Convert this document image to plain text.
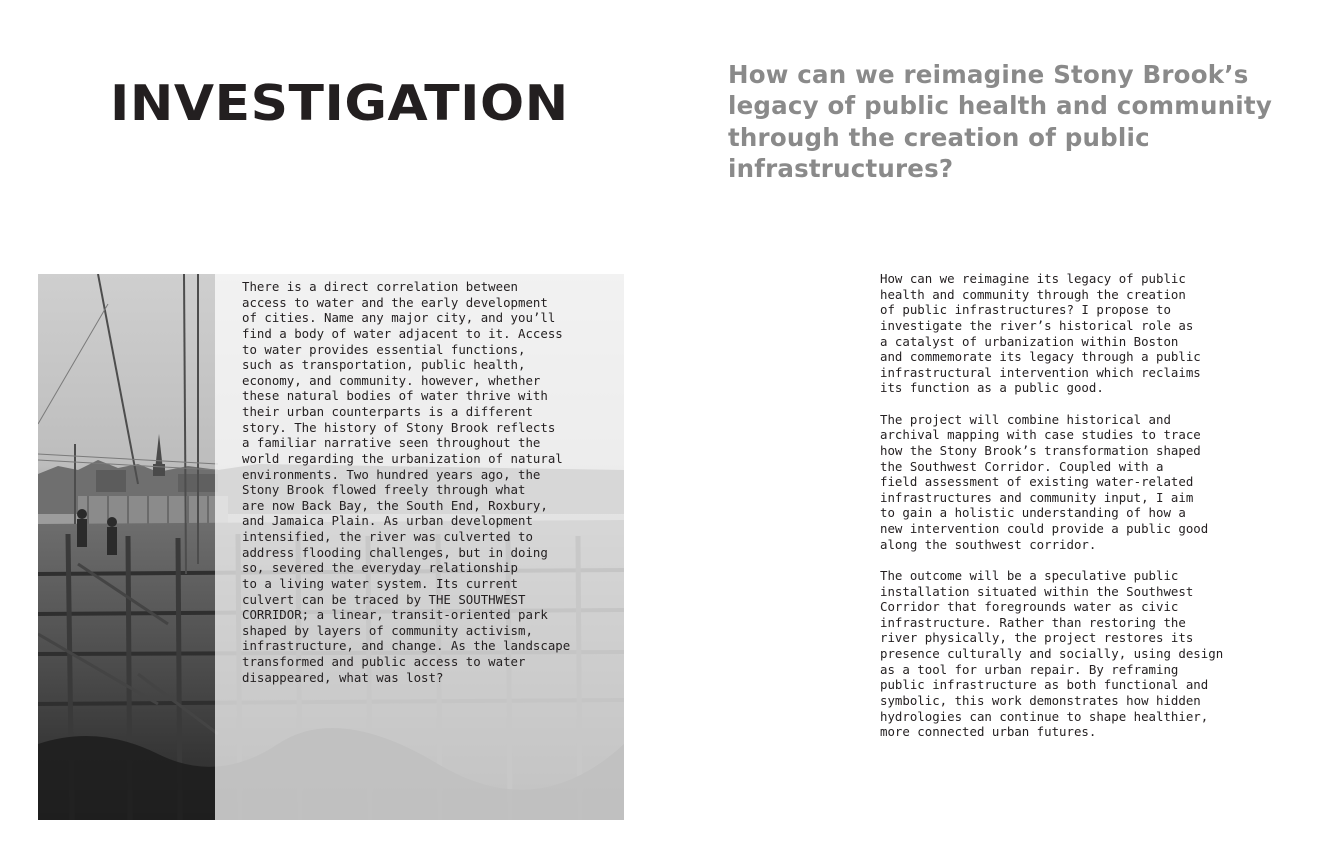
INVESTIGATION
How can we reimagine Stony Brook’s legacy of public health and community through the creation of public infrastructures?

There is a direct correlation between
access to water and the early development
of cities. Name any major city, and you’ll
find a body of water adjacent to it. Access
to water provides essential functions,
such as transportation, public health,
economy, and community. however, whether
these natural bodies of water thrive with
their urban counterparts is a different
story. The history of Stony Brook reflects
a familiar narrative seen throughout the
world regarding the urbanization of natural
environments. Two hundred years ago, the
Stony Brook flowed freely through what
are now Back Bay, the South End, Roxbury,
and Jamaica Plain. As urban development
intensified, the river was culverted to
address flooding challenges, but in doing
so, severed the everyday relationship
to a living water system. Its current
culvert can be traced by THE SOUTHWEST
CORRIDOR; a linear, transit-oriented park
shaped by layers of community activism,
infrastructure, and change. As the landscape
transformed and public access to water
disappeared, what was lost?

How can we reimagine its legacy of public
health and community through the creation
of public infrastructures? I propose to
investigate the river’s historical role as
a catalyst of urbanization within Boston
and commemorate its legacy through a public
infrastructural intervention which reclaims
its function as a public good.

The project will combine historical and
archival mapping with case studies to trace
how the Stony Brook’s transformation shaped
the Southwest Corridor. Coupled with a
field assessment of existing water-related
infrastructures and community input, I aim
to gain a holistic understanding of how a
new intervention could provide a public good
along the southwest corridor.

The outcome will be a speculative public
installation situated within the Southwest
Corridor that foregrounds water as civic
infrastructure. Rather than restoring the
river physically, the project restores its
presence culturally and socially, using design
as a tool for urban repair. By reframing
public infrastructure as both functional and
symbolic, this work demonstrates how hidden
hydrologies can continue to shape healthier,
more connected urban futures.
